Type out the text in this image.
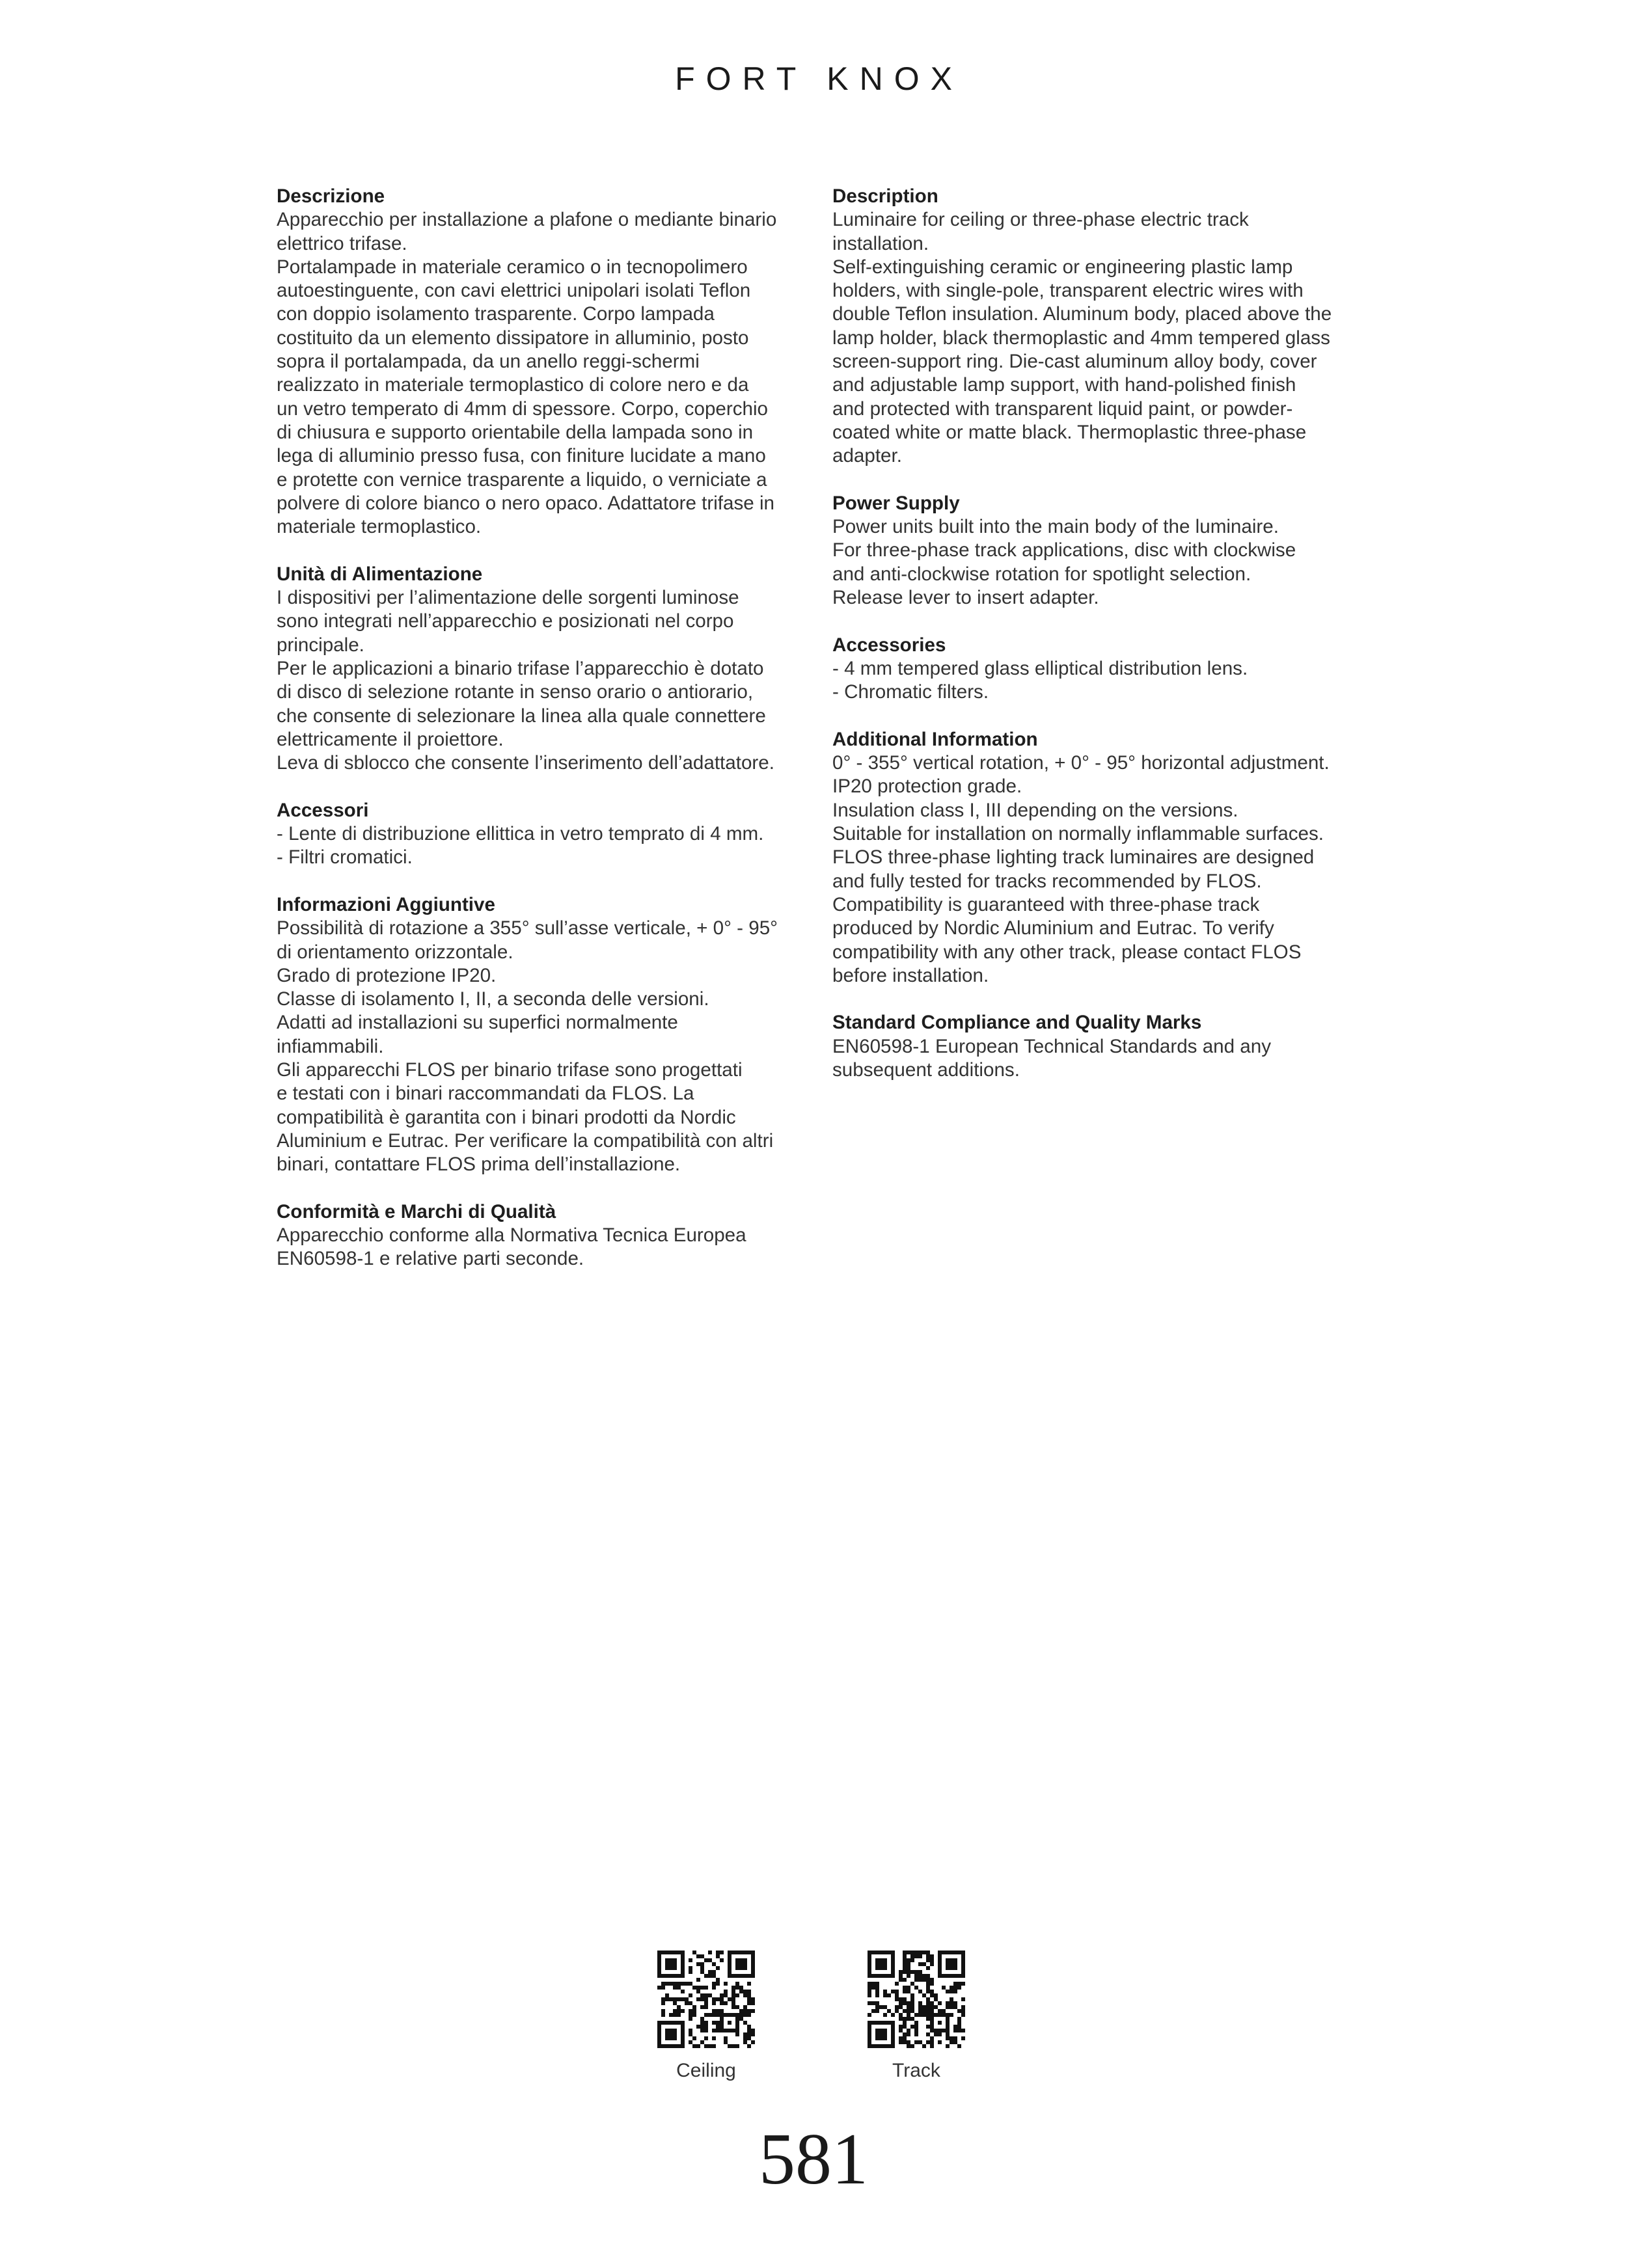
FORT KNOX
Descrizione
Apparecchio per installazione a plafone o mediante binario
elettrico trifase.
Portalampade in materiale ceramico o in tecnopolimero
autoestinguente, con cavi elettrici unipolari isolati Teflon
con doppio isolamento trasparente. Corpo lampada
costituito da un elemento dissipatore in alluminio, posto
sopra il portalampada, da un anello reggi-schermi
realizzato in materiale termoplastico di colore nero e da
un vetro temperato di 4mm di spessore. Corpo, coperchio
di chiusura e supporto orientabile della lampada sono in
lega di alluminio presso fusa, con finiture lucidate a mano
e protette con vernice trasparente a liquido, o verniciate a
polvere di colore bianco o nero opaco. Adattatore trifase in
materiale termoplastico.
Unità di Alimentazione
I dispositivi per l’alimentazione delle sorgenti luminose
sono integrati nell’apparecchio e posizionati nel corpo
principale.
Per le applicazioni a binario trifase l’apparecchio è dotato
di disco di selezione rotante in senso orario o antiorario,
che consente di selezionare la linea alla quale connettere
elettricamente il proiettore.
Leva di sblocco che consente l’inserimento dell’adattatore.
Accessori
- Lente di distribuzione ellittica in vetro temprato di 4 mm.
- Filtri cromatici.
Informazioni Aggiuntive
Possibilità di rotazione a 355° sull’asse verticale, + 0° - 95°
di orientamento orizzontale.
Grado di protezione IP20.
Classe di isolamento I, II, a seconda delle versioni.
Adatti ad installazioni su superfici normalmente
infiammabili.
Gli apparecchi FLOS per binario trifase sono progettati
e testati con i binari raccommandati da FLOS. La
compatibilità è garantita con i binari prodotti da Nordic
Aluminium e Eutrac. Per verificare la compatibilità con altri
binari, contattare FLOS prima dell’installazione.
Conformità e Marchi di Qualità
Apparecchio conforme alla Normativa Tecnica Europea
EN60598-1 e relative parti seconde.
Description
Luminaire for ceiling or three-phase electric track
installation.
Self-extinguishing ceramic or engineering plastic lamp
holders, with single-pole, transparent electric wires with
double Teflon insulation. Aluminum body, placed above the
lamp holder, black thermoplastic and 4mm tempered glass
screen-support ring. Die-cast aluminum alloy body, cover
and adjustable lamp support, with hand-polished finish
and protected with transparent liquid paint, or powder-
coated white or matte black. Thermoplastic three-phase
adapter.
Power Supply
Power units built into the main body of the luminaire.
For three-phase track applications, disc with clockwise
and anti-clockwise rotation for spotlight selection.
Release lever to insert adapter.
Accessories
- 4 mm tempered glass elliptical distribution lens.
- Chromatic filters.
Additional Information
0° - 355° vertical rotation, + 0° - 95° horizontal adjustment.
IP20 protection grade.
Insulation class I, III depending on the versions.
Suitable for installation on normally inflammable surfaces.
FLOS three-phase lighting track luminaires are designed
and fully tested for tracks recommended by FLOS.
Compatibility is guaranteed with three-phase track
produced by Nordic Aluminium and Eutrac. To verify
compatibility with any other track, please contact FLOS
before installation.
Standard Compliance and Quality Marks
EN60598-1 European Technical Standards and any
subsequent additions.
Ceiling	Track
581
